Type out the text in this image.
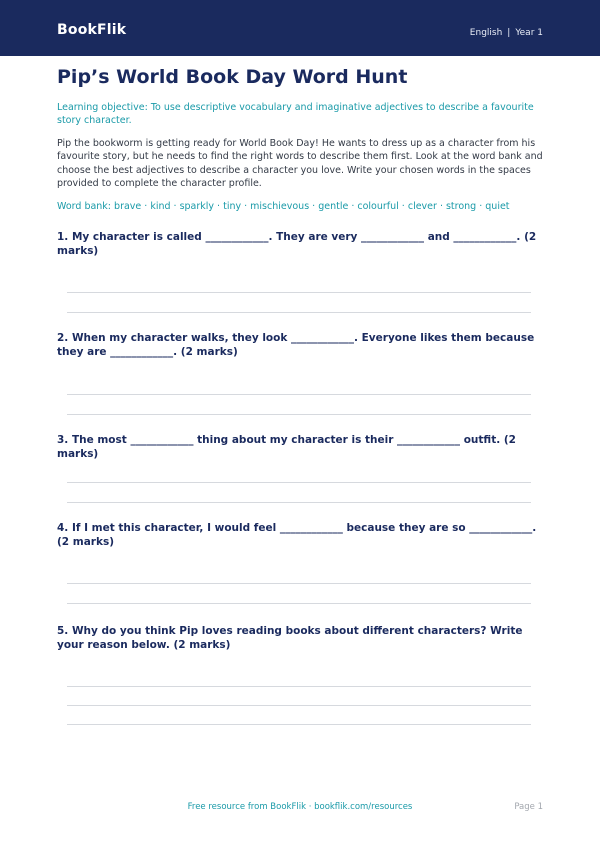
BookFlik	English | Year 1
Pip’s World Book Day Word Hunt
Learning objective: To use descriptive vocabulary and imaginative adjectives to describe a favourite story character.
Pip the bookworm is getting ready for World Book Day! He wants to dress up as a character from his favourite story, but he needs to find the right words to describe them first. Look at the word bank and choose the best adjectives to describe a character you love. Write your chosen words in the spaces provided to complete the character profile.
Word bank: brave · kind · sparkly · tiny · mischievous · gentle · colourful · clever · strong · quiet
1. My character is called ____________. They are very ____________ and ____________. (2 marks)
2. When my character walks, they look ____________. Everyone likes them because they are ____________. (2 marks)
3. The most ____________ thing about my character is their ____________ outfit. (2 marks)
4. If I met this character, I would feel ____________ because they are so ____________. (2 marks)
5. Why do you think Pip loves reading books about different characters? Write your reason below. (2 marks)
Free resource from BookFlik · bookflik.com/resources	Page 1
